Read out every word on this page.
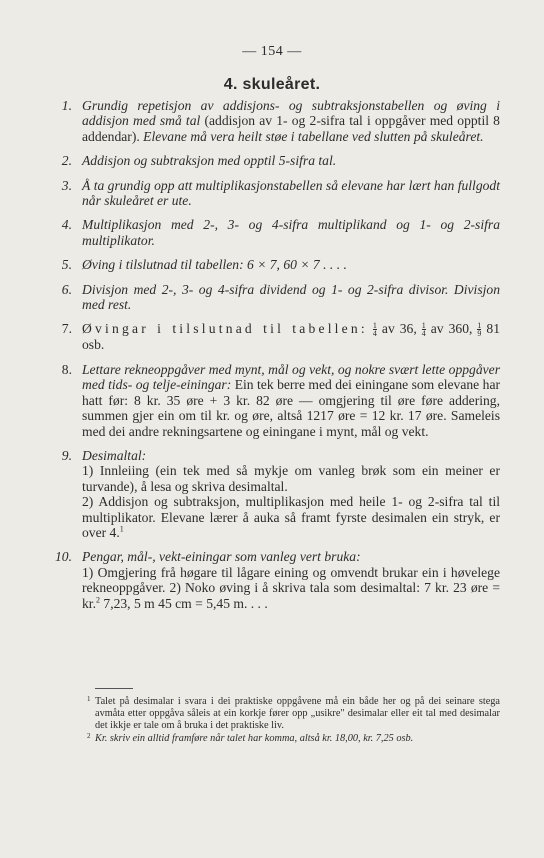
— 154 —
4. skuleåret.
1. Grundig repetisjon av addisjons- og subtraksjonstabellen og øving i addisjon med små tal (addisjon av 1- og 2-sifra tal i oppgåver med opptil 8 addendar). Elevane må vera heilt støe i tabellane ved slutten på skuleåret.
2. Addisjon og subtraksjon med opptil 5-sifra tal.
3. Å ta grundig opp att multiplikasjonstabellen så elevane har lært han fullgodt når skuleåret er ute.
4. Multiplikasjon med 2-, 3- og 4-sifra multiplikand og 1- og 2-sifra multiplikator.
5. Øving i tilslutnad til tabellen: 6 × 7, 60 × 7 . . . .
6. Divisjon med 2-, 3- og 4-sifra dividend og 1- og 2-sifra divisor. Divisjon med rest.
7. Øvingar i tilslutnad til tabellen: $\frac{1}{4}$ av 36, $\frac{1}{4}$ av 360, $\frac{1}{9} 81$ osb.
8. Lettare rekneoppgåver med mynt, mål og vekt, og nokre svært lette oppgåver med tids- og telje-einingar: Ein tek berre med dei einingane som elevane har hatt før: 8 kr. 35 øre + 3 kr. 82 øre — omgjering til øre føre addering, summen gjer ein om til kr. og øre, altså 1217 øre = 12 kr. 17 øre. Sameleis med dei andre rekningsartene og einingane i mynt, mål og vekt.
9. Desimaltal:
1) Innleiing (ein tek med så mykje om vanleg brøk som ein meiner er turvande), å lesa og skriva desimaltal.
2) Addisjon og subtraksjon, multiplikasjon med heile 1- og 2-sifra tal til multiplikator. Elevane lærer å auka så framt fyrste desimalen ein stryk, er over 4.$^1$
10. Pengar, mål-, vekt-einingar som vanleg vert bruka:
1) Omgjering frå høgare til lågare eining og omvendt brukar ein i høvelege rekneoppgåver. 2) Noko øving i å skriva tala som desimaltal: 7 kr. 23 øre = kr.$^2$ 7,23, 5 m 45 cm = 5,45 m. . . .
1 Talet på desimalar i svara i dei praktiske oppgåvene må ein både her og på dei seinare stega avmåta etter oppgåva såleis at ein korkje fører opp „usikre" desimalar eller eit tal med desimalar det ikkje er tale om å bruka i det praktiske liv.
2 Kr. skriv ein alltid framføre når talet har komma, altså kr. 18,00, kr. 7,25 osb.
